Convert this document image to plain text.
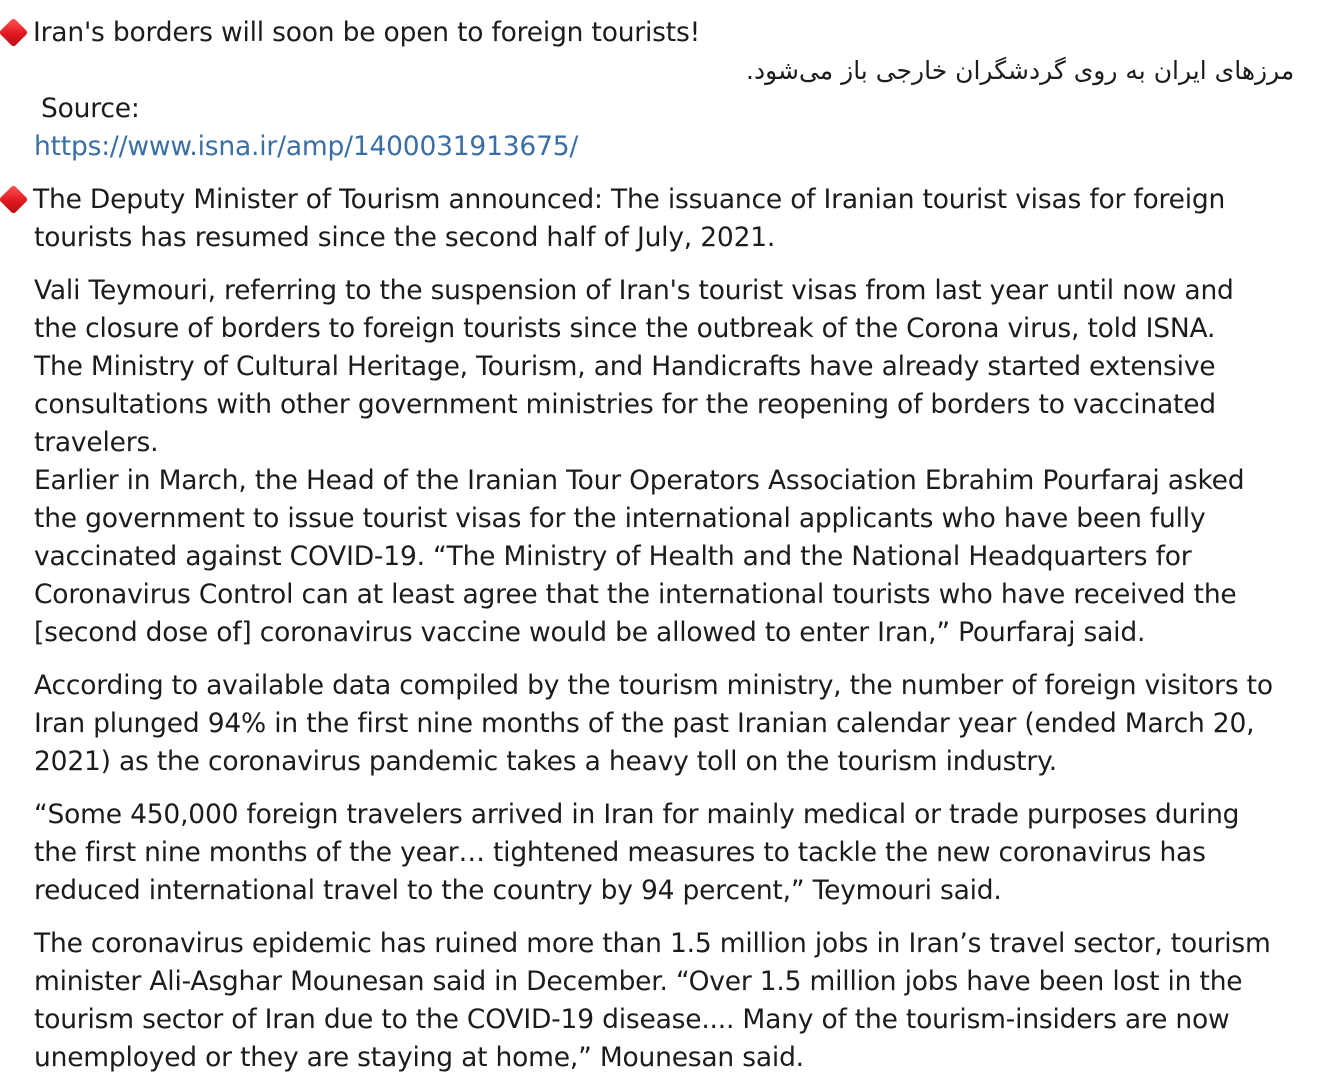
Iran's borders will soon be open to foreign tourists!
مرزهای ایران به روی گردشگران خارجی باز می‌شود.
Source:
https://www.isna.ir/amp/1400031913675/
The Deputy Minister of Tourism announced: The issuance of Iranian tourist visas for foreign
tourists has resumed since the second half of July, 2021.
Vali Teymouri, referring to the suspension of Iran's tourist visas from last year until now and
the closure of borders to foreign tourists since the outbreak of the Corona virus, told ISNA.
The Ministry of Cultural Heritage, Tourism, and Handicrafts have already started extensive
consultations with other government ministries for the reopening of borders to vaccinated
travelers.
Earlier in March, the Head of the Iranian Tour Operators Association Ebrahim Pourfaraj asked
the government to issue tourist visas for the international applicants who have been fully
vaccinated against COVID-19. “The Ministry of Health and the National Headquarters for
Coronavirus Control can at least agree that the international tourists who have received the
[second dose of] coronavirus vaccine would be allowed to enter Iran,” Pourfaraj said.
According to available data compiled by the tourism ministry, the number of foreign visitors to
Iran plunged 94% in the first nine months of the past Iranian calendar year (ended March 20,
2021) as the coronavirus pandemic takes a heavy toll on the tourism industry.
“Some 450,000 foreign travelers arrived in Iran for mainly medical or trade purposes during
the first nine months of the year… tightened measures to tackle the new coronavirus has
reduced international travel to the country by 94 percent,” Teymouri said.
The coronavirus epidemic has ruined more than 1.5 million jobs in Iran’s travel sector, tourism
minister Ali-Asghar Mounesan said in December. “Over 1.5 million jobs have been lost in the
tourism sector of Iran due to the COVID-19 disease.... Many of the tourism-insiders are now
unemployed or they are staying at home,” Mounesan said.
